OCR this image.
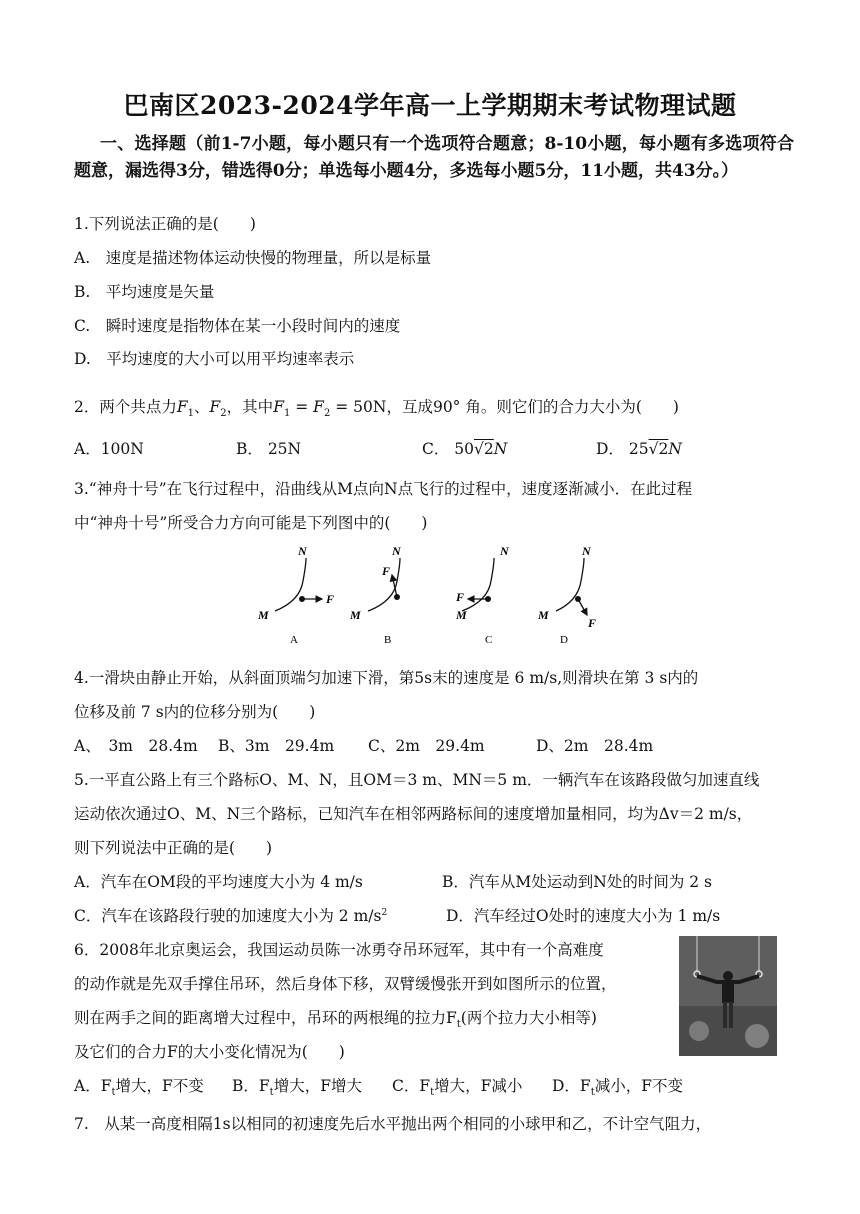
巴南区2023-2024学年高一上学期期末考试物理试题
一、选择题（前1-7小题，每小题只有一个选项符合题意；8-10小题，每小题有多选项符合题意，漏选得3分，错选得0分；单选每小题4分，多选每小题5分，11小题，共43分。）
1.下列说法正确的是(　　)
A.　速度是描述物体运动快慢的物理量，所以是标量
B.　平均速度是矢量
C.　瞬时速度是指物体在某一小段时间内的速度
D.　平均速度的大小可以用平均速率表示
2．两个共点力$F_1$、$F_2$，其中$F_1 = F_2 = 50N$，互成90° 角。则它们的合力大小为(　　)
A．100N	B． 25N	C． 50√2N	D． 25√2N
3.“神舟十号”在飞行过程中，沿曲线从M点向N点飞行的过程中，速度逐渐减小．在此过程
中“神舟十号”所受合力方向可能是下列图中的(　　)
N
M
F
A
N
F
M
B
N
F
M
C
N
M
F
D
4.一滑块由静止开始，从斜面顶端匀加速下滑，第5s末的速度是 6 m/s,则滑块在第 3 s内的
位移及前 7 s内的位移分别为(　　)
A、　3m　28.4m B、3m　29.4m C、2m　29.4m	D、2m　28.4m
5.一平直公路上有三个路标O、M、N，且OM＝3 m、MN＝5 m．一辆汽车在该路段做匀加速直线
运动依次通过O、M、N三个路标，已知汽车在相邻两路标间的速度增加量相同，均为Δv＝2 m/s，
则下列说法中正确的是(　　)
A．汽车在OM段的平均速度大小为 4 m/s	B．汽车从M处运动到N处的时间为 2 s
C．汽车在该路段行驶的加速度大小为 2 $m/s^2$	D．汽车经过O处时的速度大小为 1 m/s
6．2008年北京奥运会，我国运动员陈一冰勇夺吊环冠军，其中有一个高难度
的动作就是先双手撑住吊环，然后身体下移，双臂缓慢张开到如图所示的位置，
则在两手之间的距离增大过程中，吊环的两根绳的拉力$F_t$(两个拉力大小相等)
及它们的合力F的大小变化情况为(　　)
A．$F_t$增大，F不变 B．$F_t$增大，F增大 C．$F_t$增大，F减小 D．$F_t$减小，F不变
7.　从某一高度相隔1s以相同的初速度先后水平抛出两个相同的小球甲和乙，不计空气阻力，
